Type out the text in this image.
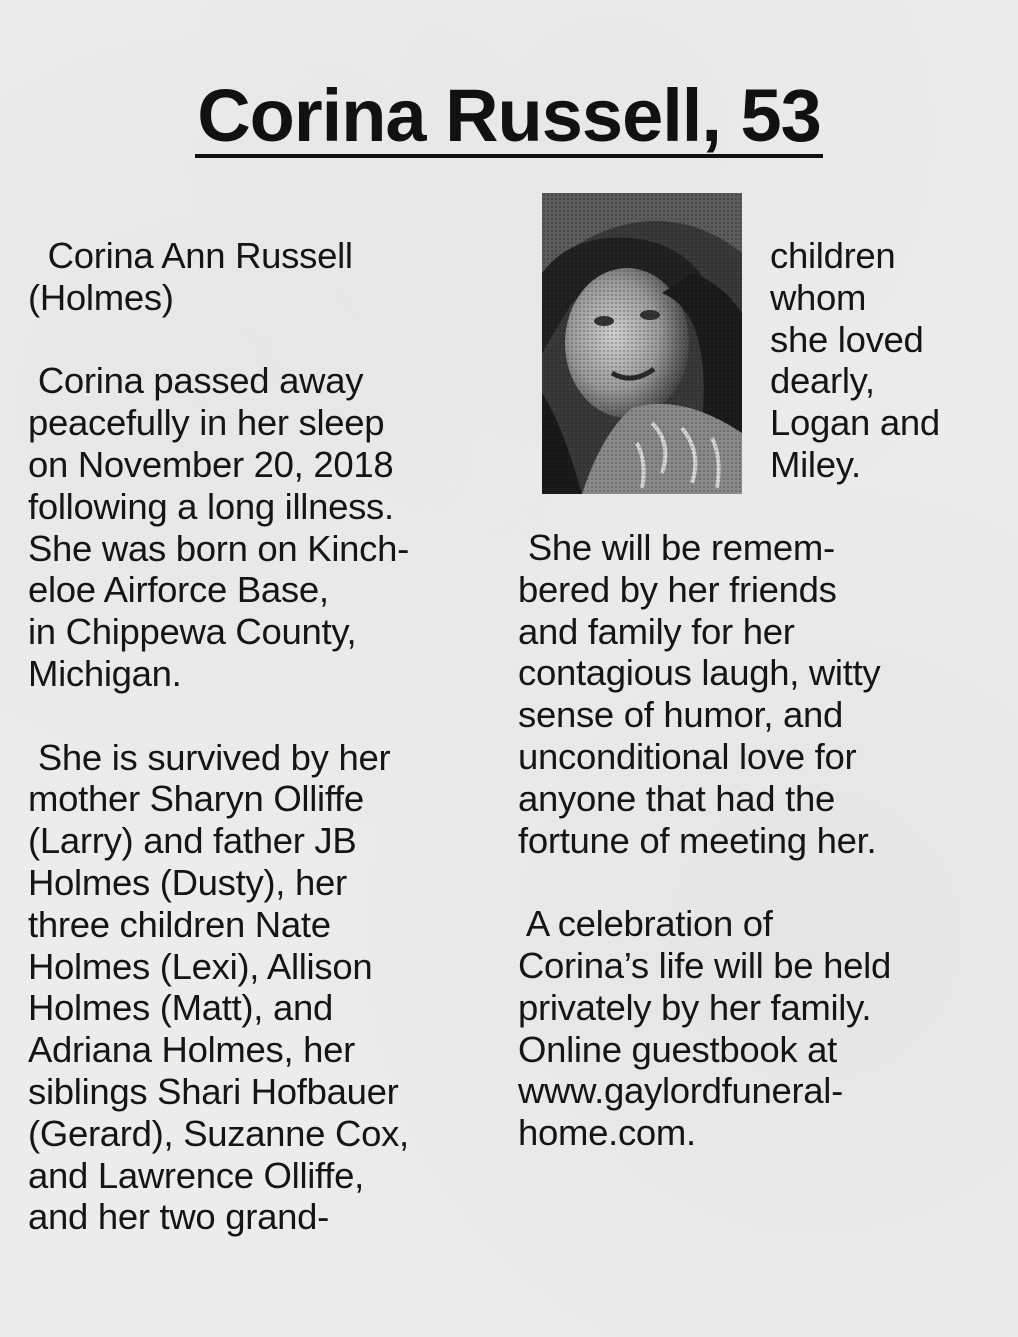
Corina Russell, 53

Corina Ann Russell

(Holmes)

Corina passed away

peacefully in her sleep

on November 20, 2018

following a long illness.

She was born on Kinch-

eloe Airforce Base,

in Chippewa County,

Michigan.

She is survived by her

mother Sharyn Olliffe

(Larry) and father JB

Holmes (Dusty), her

three children Nate

Holmes (Lexi), Allison

Holmes (Matt), and

Adriana Holmes, her

siblings Shari Hofbauer

(Gerard), Suzanne Cox,

and Lawrence Olliffe,

and her two grand-

children

whom

she loved

dearly,

Logan and

Miley.

She will be remem-

bered by her friends

and family for her

contagious laugh, witty

sense of humor, and

unconditional love for

anyone that had the

fortune of meeting her.

A celebration of

Corina’s life will be held

privately by her family.

Online guestbook at

www.gaylordfuneral-

home.com.
